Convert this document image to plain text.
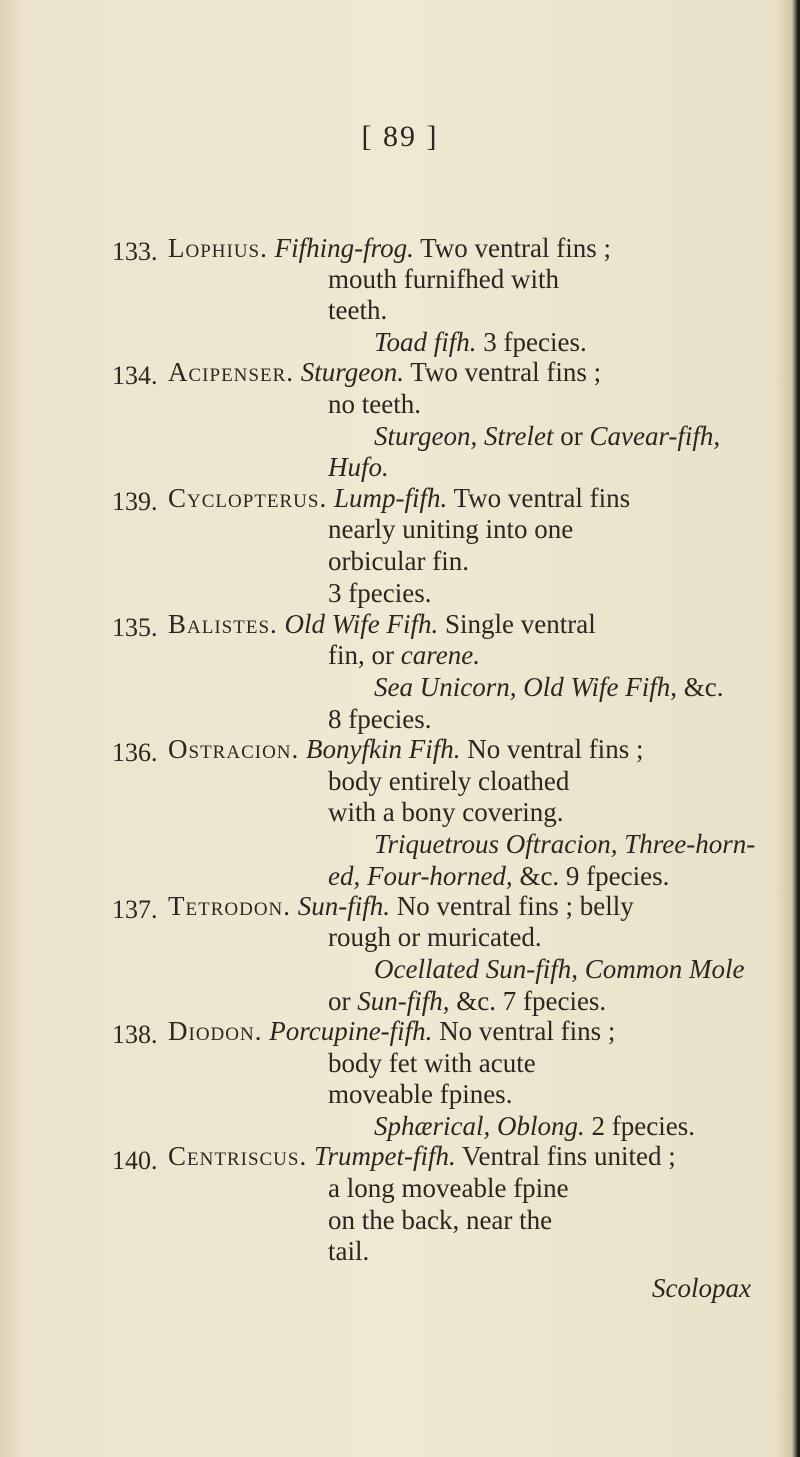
[ 89 ]
133. Lophius. Fifhing-frog. Two ventral fins ;
mouth furnifhed with
teeth.
Toad fifh. 3 fpecies.
134. Acipenser. Sturgeon. Two ventral fins ;
no teeth.
Sturgeon, Strelet or Cavear-fifh,
Hufo.
139. Cyclopterus. Lump-fifh. Two ventral fins
nearly uniting into one
orbicular fin.
3 fpecies.
135. Balistes. Old Wife Fifh. Single ventral
fin, or carene.
Sea Unicorn, Old Wife Fifh, &c.
8 fpecies.
136. Ostracion. Bonyfkin Fifh. No ventral fins ;
body entirely cloathed
with a bony covering.
Triquetrous Oftracion, Three-horn-
ed, Four-horned, &c. 9 fpecies.
137. Tetrodon. Sun-fifh. No ventral fins ; belly
rough or muricated.
Ocellated Sun-fifh, Common Mole
or Sun-fifh, &c. 7 fpecies.
138. Diodon. Porcupine-fifh. No ventral fins ;
body fet with acute
moveable fpines.
Sphærical, Oblong. 2 fpecies.
140. Centriscus. Trumpet-fifh. Ventral fins united ;
a long moveable fpine
on the back, near the
tail.
Scolopax
